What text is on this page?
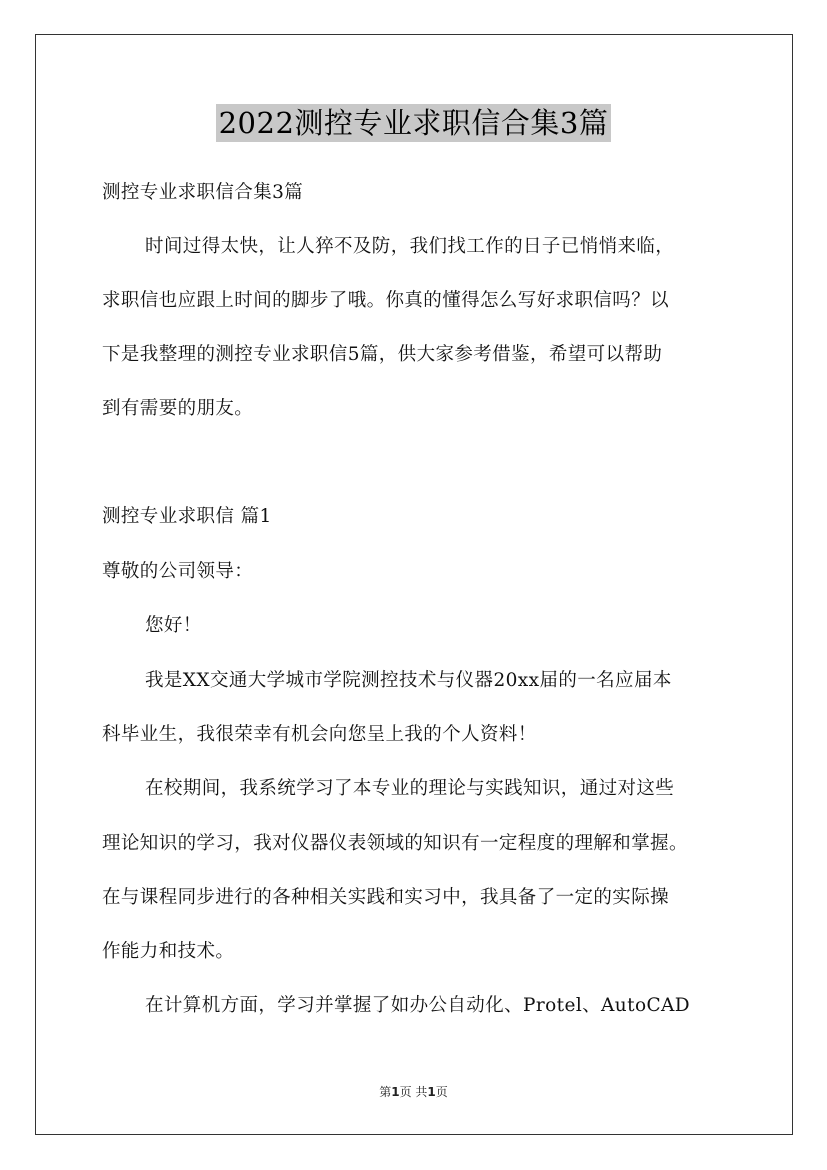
2022测控专业求职信合集3篇
测控专业求职信合集3篇
时间过得太快，让人猝不及防，我们找工作的日子已悄悄来临，
求职信也应跟上时间的脚步了哦。你真的懂得怎么写好求职信吗？以
下是我整理的测控专业求职信5篇，供大家参考借鉴，希望可以帮助
到有需要的朋友。
测控专业求职信 篇1
尊敬的公司领导：
您好！
我是XX交通大学城市学院测控技术与仪器20xx届的一名应届本
科毕业生，我很荣幸有机会向您呈上我的个人资料！
在校期间，我系统学习了本专业的理论与实践知识，通过对这些
理论知识的学习，我对仪器仪表领域的知识有一定程度的理解和掌握。
在与课程同步进行的各种相关实践和实习中，我具备了一定的实际操
作能力和技术。
在计算机方面，学习并掌握了如办公自动化、Protel、AutoCAD
第1页 共1页
